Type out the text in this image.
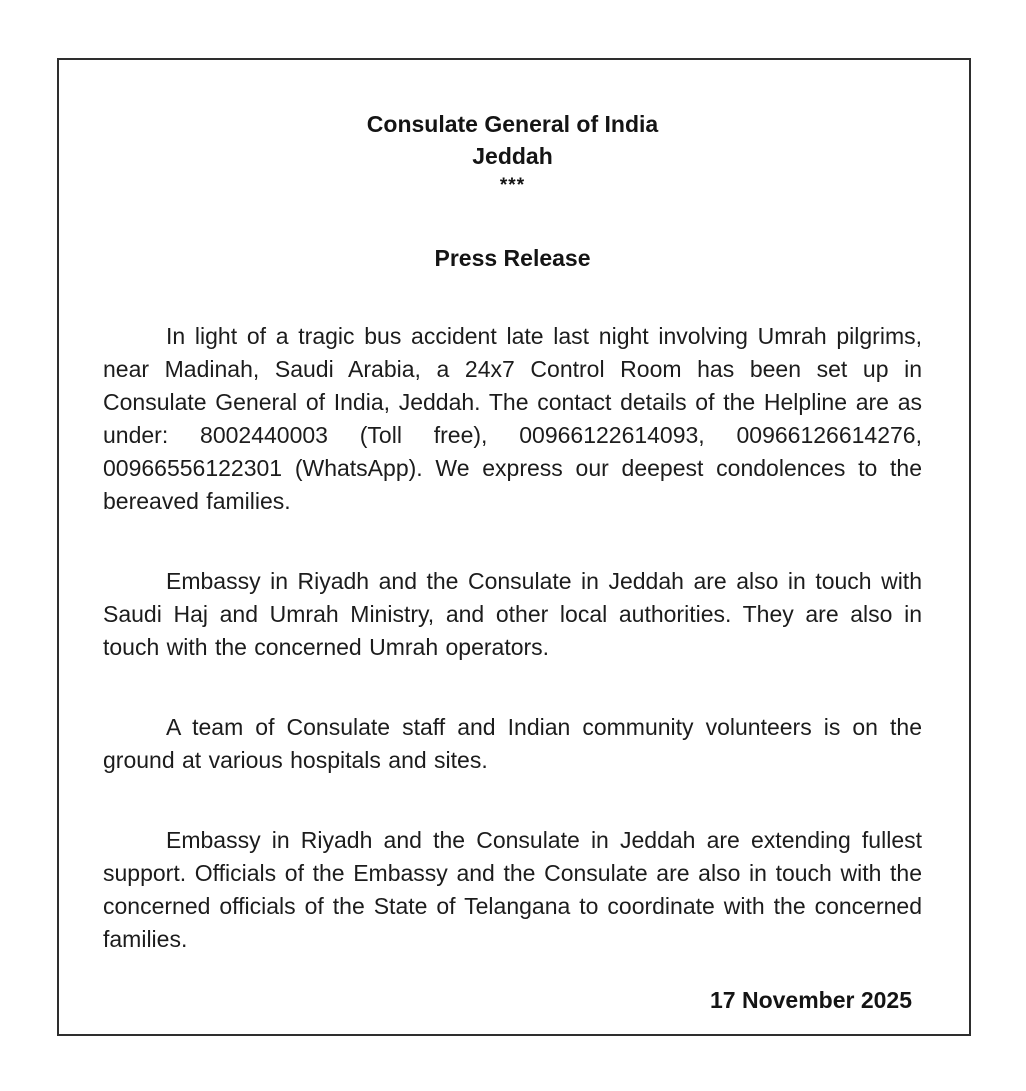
Consulate General of India
Jeddah
***
Press Release

In light of a tragic bus accident late last night involving Umrah pilgrims, near Madinah, Saudi Arabia, a 24x7 Control Room has been set up in Consulate General of India, Jeddah. The contact details of the Helpline are as under: 8002440003 (Toll free), 00966122614093, 00966126614276, 00966556122301 (WhatsApp). We express our deepest condolences to the bereaved families.

Embassy in Riyadh and the Consulate in Jeddah are also in touch with Saudi Haj and Umrah Ministry, and other local authorities. They are also in touch with the concerned Umrah operators.

A team of Consulate staff and Indian community volunteers is on the ground at various hospitals and sites.

Embassy in Riyadh and the Consulate in Jeddah are extending fullest support. Officials of the Embassy and the Consulate are also in touch with the concerned officials of the State of Telangana to coordinate with the concerned families.

17 November 2025
